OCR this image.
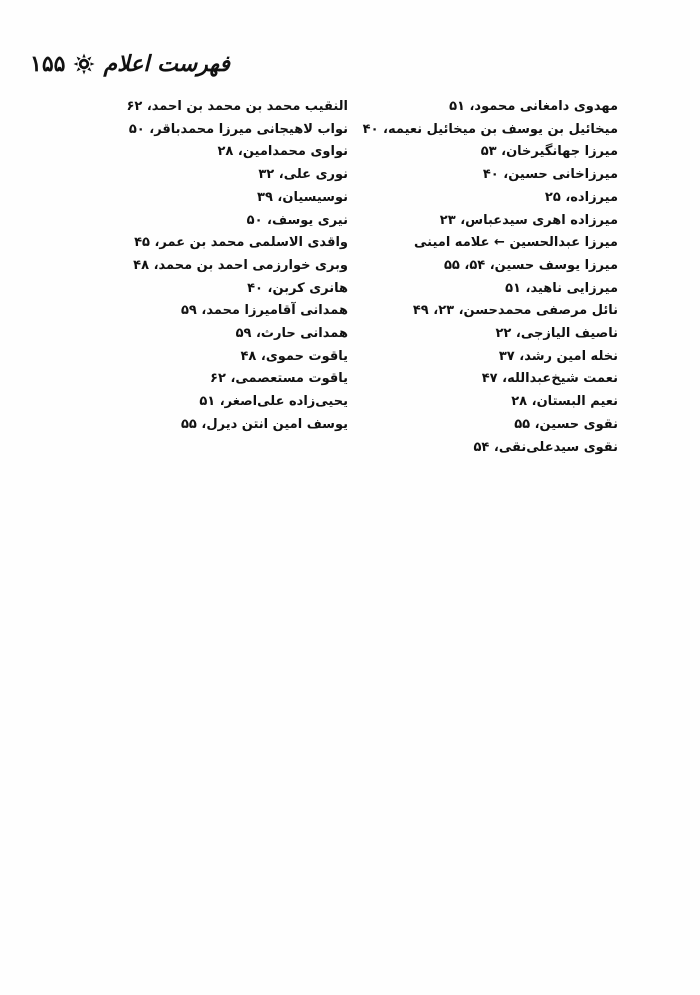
۱۵۵ فهرست اعلام
مهدوی دامغانی محمود، ۵۱
میخائیل بن یوسف بن میخائیل نعیمه، ۴۰
میرزا جهانگیرخان، ۵۳
میرزاخانی حسین، ۴۰
میرزاده، ۲۵
میرزاده اهری سیدعباس، ۲۳
میرزا عبدالحسین ← علامه امینی
میرزا یوسف حسین، ۵۴، ۵۵
میرزایی ناهید، ۵۱
نائل مرصفی محمدحسن، ۲۳، ۴۹
ناصیف الیازجی، ۲۲
نخله امین رشد، ۳۷
نعمت شیخ‌عبدالله، ۴۷
نعیم البستان، ۲۸
نقوی حسین، ۵۵
نقوی سیدعلی‌نقی، ۵۴
النقیب محمد بن محمد بن احمد، ۶۲
نواب لاهیجانی میرزا محمدباقر، ۵۰
نواوی محمدامین، ۲۸
نوری علی، ۳۲
نوسیسیان، ۳۹
نیری یوسف، ۵۰
واقدی الاسلمی محمد بن عمر، ۴۵
وبری خوارزمی احمد بن محمد، ۴۸
هانری کربن، ۴۰
همدانی آقامیرزا محمد، ۵۹
همدانی حارث، ۵۹
یاقوت حموی، ۴۸
یاقوت مستعصمی، ۶۲
یحیی‌زاده علی‌اصغر، ۵۱
یوسف امین انتن دیرل، ۵۵
